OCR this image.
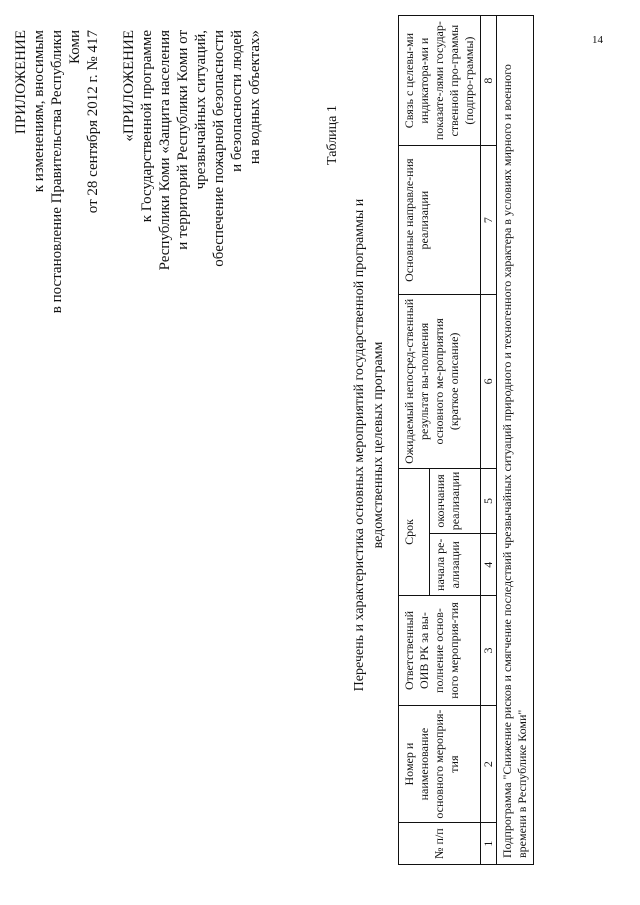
14
ПРИЛОЖЕНИЕ к изменениям, вносимым в постановление Правительства Республики Коми от 28 сентября 2012 г. № 417 «ПРИЛОЖЕНИЕ к Государственной программе Республики Коми «Защита населения и территорий Республики Коми от чрезвычайных ситуаций, обеспечение пожарной безопасности и безопасности людей на водных объектах»	Таблица 1
Перечень и характеристика основных мероприятий государственной программы и ведомственных целевых программ
№ п/п	Номер и наименование основного мероприя-тия	Ответственный ОИВ РК за вы-полнение основ-ного мероприя-тия	Срок		Ожидаемый непосред-ственный результат вы-полнения основного ме-роприятия (краткое описание)	Основные направле-ния реализации	Связь с целевы-ми индикатора-ми и показате-лями государ-ственной про-граммы (подпро-граммы)
			начала ре-ализации	окончания реализации			
1	2	3	4	5	6	7	8
Подпрограмма "Снижение рисков и смягчение последствий чрезвычайных ситуаций природного и техногенного характера в условиях мирного и военного времени в Республике Коми"							
